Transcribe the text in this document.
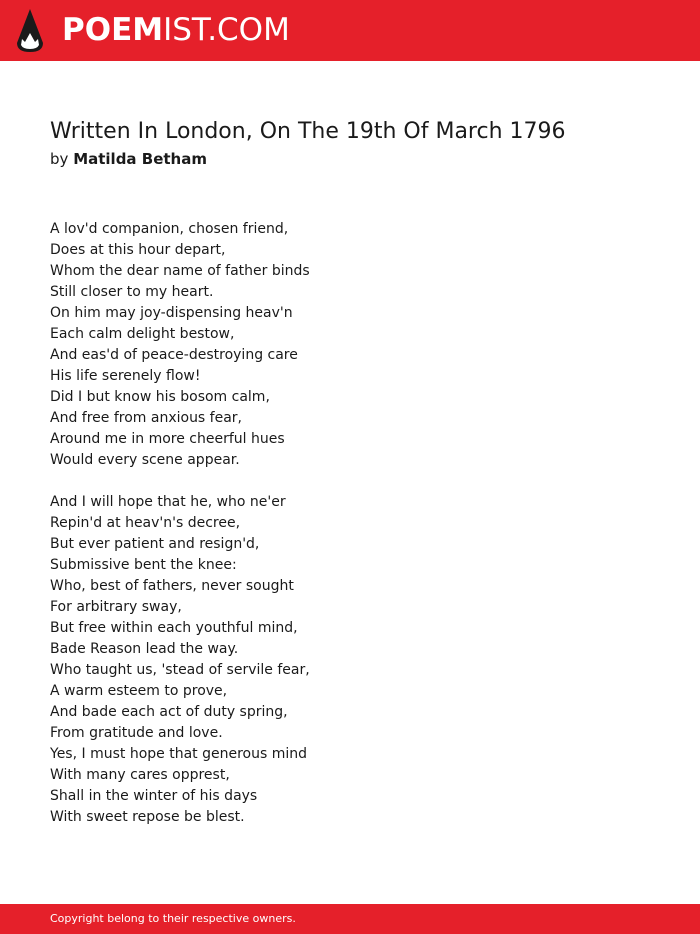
POEMIST.COM
Written In London, On The 19th Of March 1796
by Matilda Betham
A lov'd companion, chosen friend,
Does at this hour depart,
Whom the dear name of father binds
Still closer to my heart.
On him may joy-dispensing heav'n
Each calm delight bestow,
And eas'd of peace-destroying care
His life serenely flow!
Did I but know his bosom calm,
And free from anxious fear,
Around me in more cheerful hues
Would every scene appear.
And I will hope that he, who ne'er
Repin'd at heav'n's decree,
But ever patient and resign'd,
Submissive bent the knee:
Who, best of fathers, never sought
For arbitrary sway,
But free within each youthful mind,
Bade Reason lead the way.
Who taught us, 'stead of servile fear,
A warm esteem to prove,
And bade each act of duty spring,
From gratitude and love.
Yes, I must hope that generous mind
With many cares opprest,
Shall in the winter of his days
With sweet repose be blest.
Copyright belong to their respective owners.
